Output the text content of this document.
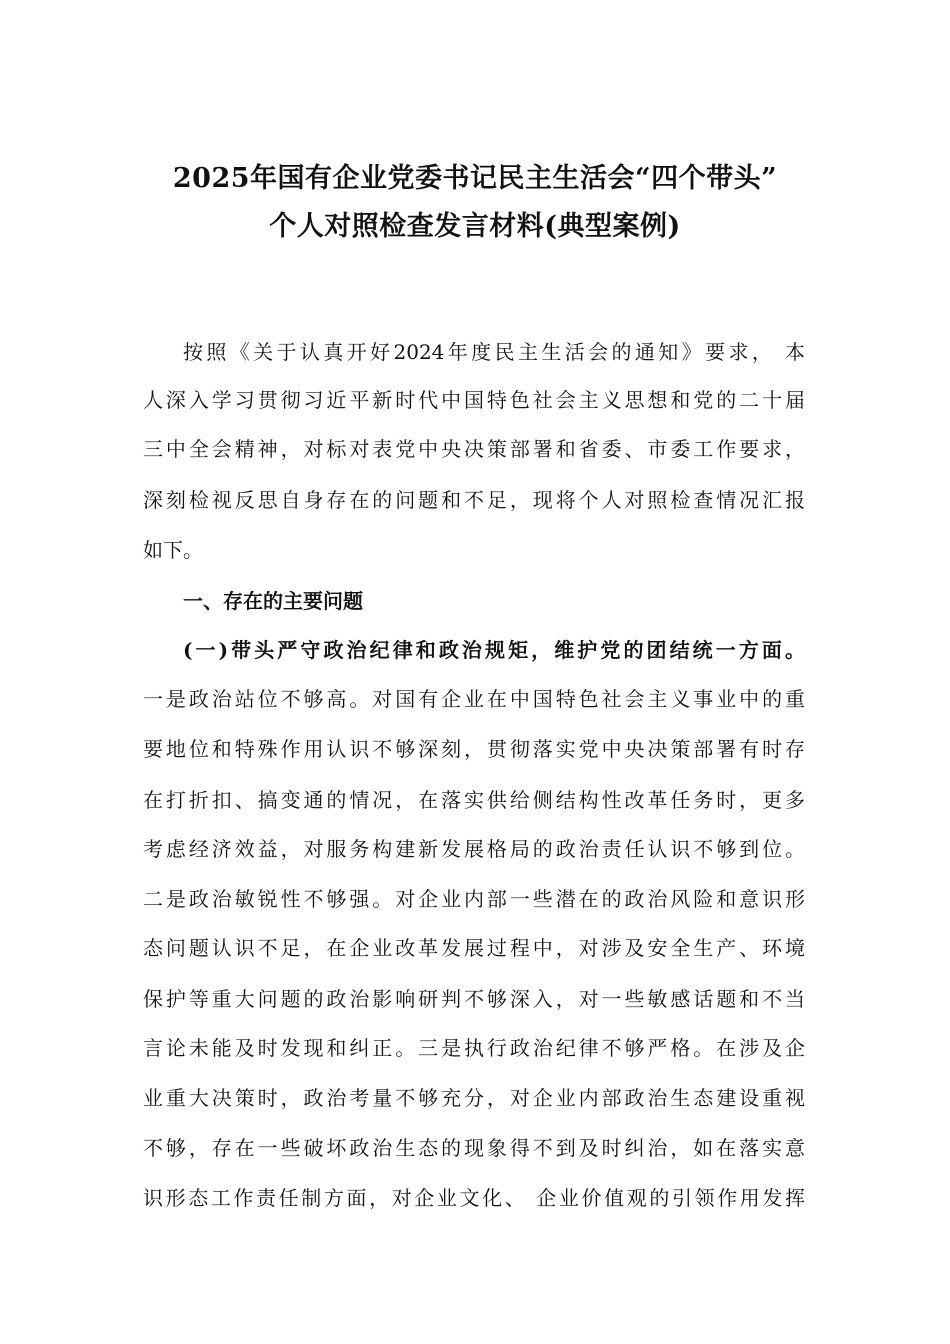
2025年国有企业党委书记民主生活会“四个带头”
个人对照检查发言材料(典型案例)
按照《关于认真开好2024年度民主生活会的通知》要求， 本
人深入学习贯彻习近平新时代中国特色社会主义思想和党的二十届
三中全会精神，对标对表党中央决策部署和省委、市委工作要求，
深刻检视反思自身存在的问题和不足，现将个人对照检查情况汇报
如下。
一、存在的主要问题
(一)带头严守政治纪律和政治规矩，维护党的团结统一方面。
一是政治站位不够高。对国有企业在中国特色社会主义事业中的重
要地位和特殊作用认识不够深刻，贯彻落实党中央决策部署有时存
在打折扣、搞变通的情况，在落实供给侧结构性改革任务时，更多
考虑经济效益，对服务构建新发展格局的政治责任认识不够到位。
二是政治敏锐性不够强。对企业内部一些潜在的政治风险和意识形
态问题认识不足，在企业改革发展过程中，对涉及安全生产、环境
保护等重大问题的政治影响研判不够深入，对一些敏感话题和不当
言论未能及时发现和纠正。三是执行政治纪律不够严格。在涉及企
业重大决策时，政治考量不够充分，对企业内部政治生态建设重视
不够，存在一些破坏政治生态的现象得不到及时纠治，如在落实意
识形态工作责任制方面，对企业文化、 企业价值观的引领作用发挥
